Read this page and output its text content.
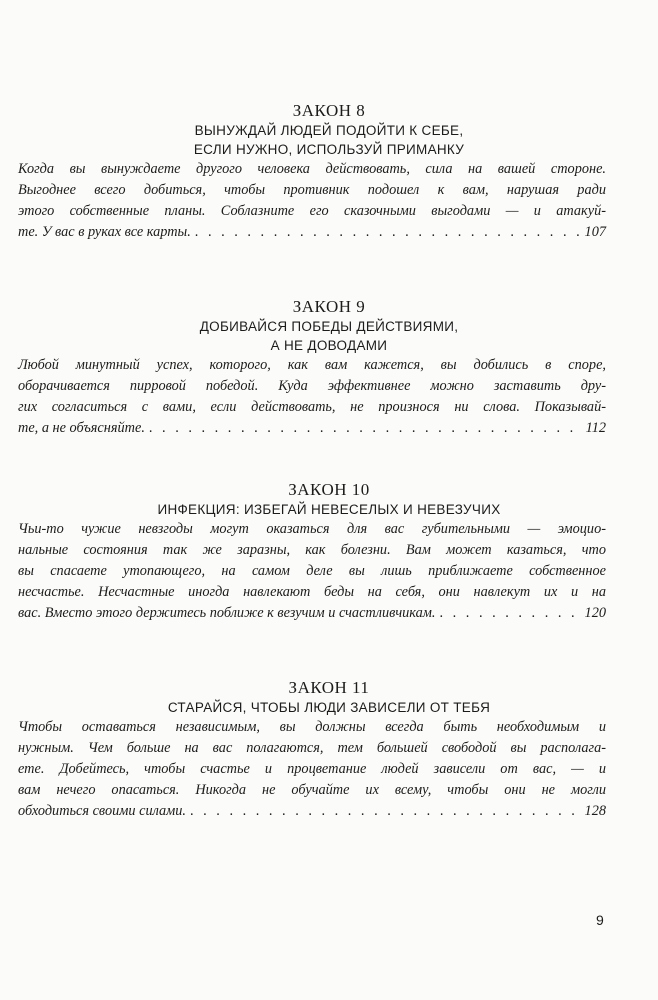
ЗАКОН 8
ВЫНУЖДАЙ ЛЮДЕЙ ПОДОЙТИ К СЕБЕ,
ЕСЛИ НУЖНО, ИСПОЛЬЗУЙ ПРИМАНКУ
Когда вы вынуждаете другого человека действовать, сила на вашей стороне.
Выгоднее всего добиться, чтобы противник подошел к вам, нарушая ради
этого собственные планы. Соблазните его сказочными выгодами — и атакуй-
те. У вас в руках все карты. . . .	107
ЗАКОН 9
ДОБИВАЙСЯ ПОБЕДЫ ДЕЙСТВИЯМИ,
А НЕ ДОВОДАМИ
Любой минутный успех, которого, как вам кажется, вы добились в споре,
оборачивается пирровой победой. Куда эффективнее можно заставить дру-
гих согласиться с вами, если действовать, не произнося ни слова. Показывай-
те, а не объясняйте. . . .	112
ЗАКОН 10
ИНФЕКЦИЯ: ИЗБЕГАЙ НЕВЕСЕЛЫХ И НЕВЕЗУЧИХ
Чьи-то чужие невзгоды могут оказаться для вас губительными — эмоцио-
нальные состояния так же заразны, как болезни. Вам может казаться, что
вы спасаете утопающего, на самом деле вы лишь приближаете собственное
несчастье. Несчастные иногда навлекают беды на себя, они навлекут их и на
вас. Вместо этого держитесь поближе к везучим и счастливчикам. . . .	120
ЗАКОН 11
СТАРАЙСЯ, ЧТОБЫ ЛЮДИ ЗАВИСЕЛИ ОТ ТЕБЯ
Чтобы оставаться независимым, вы должны всегда быть необходимым и
нужным. Чем больше на вас полагаются, тем большей свободой вы располага-
ете. Добейтесь, чтобы счастье и процветание людей зависели от вас, — и
вам нечего опасаться. Никогда не обучайте их всему, чтобы они не могли
обходиться своими силами. . . .	128
9
